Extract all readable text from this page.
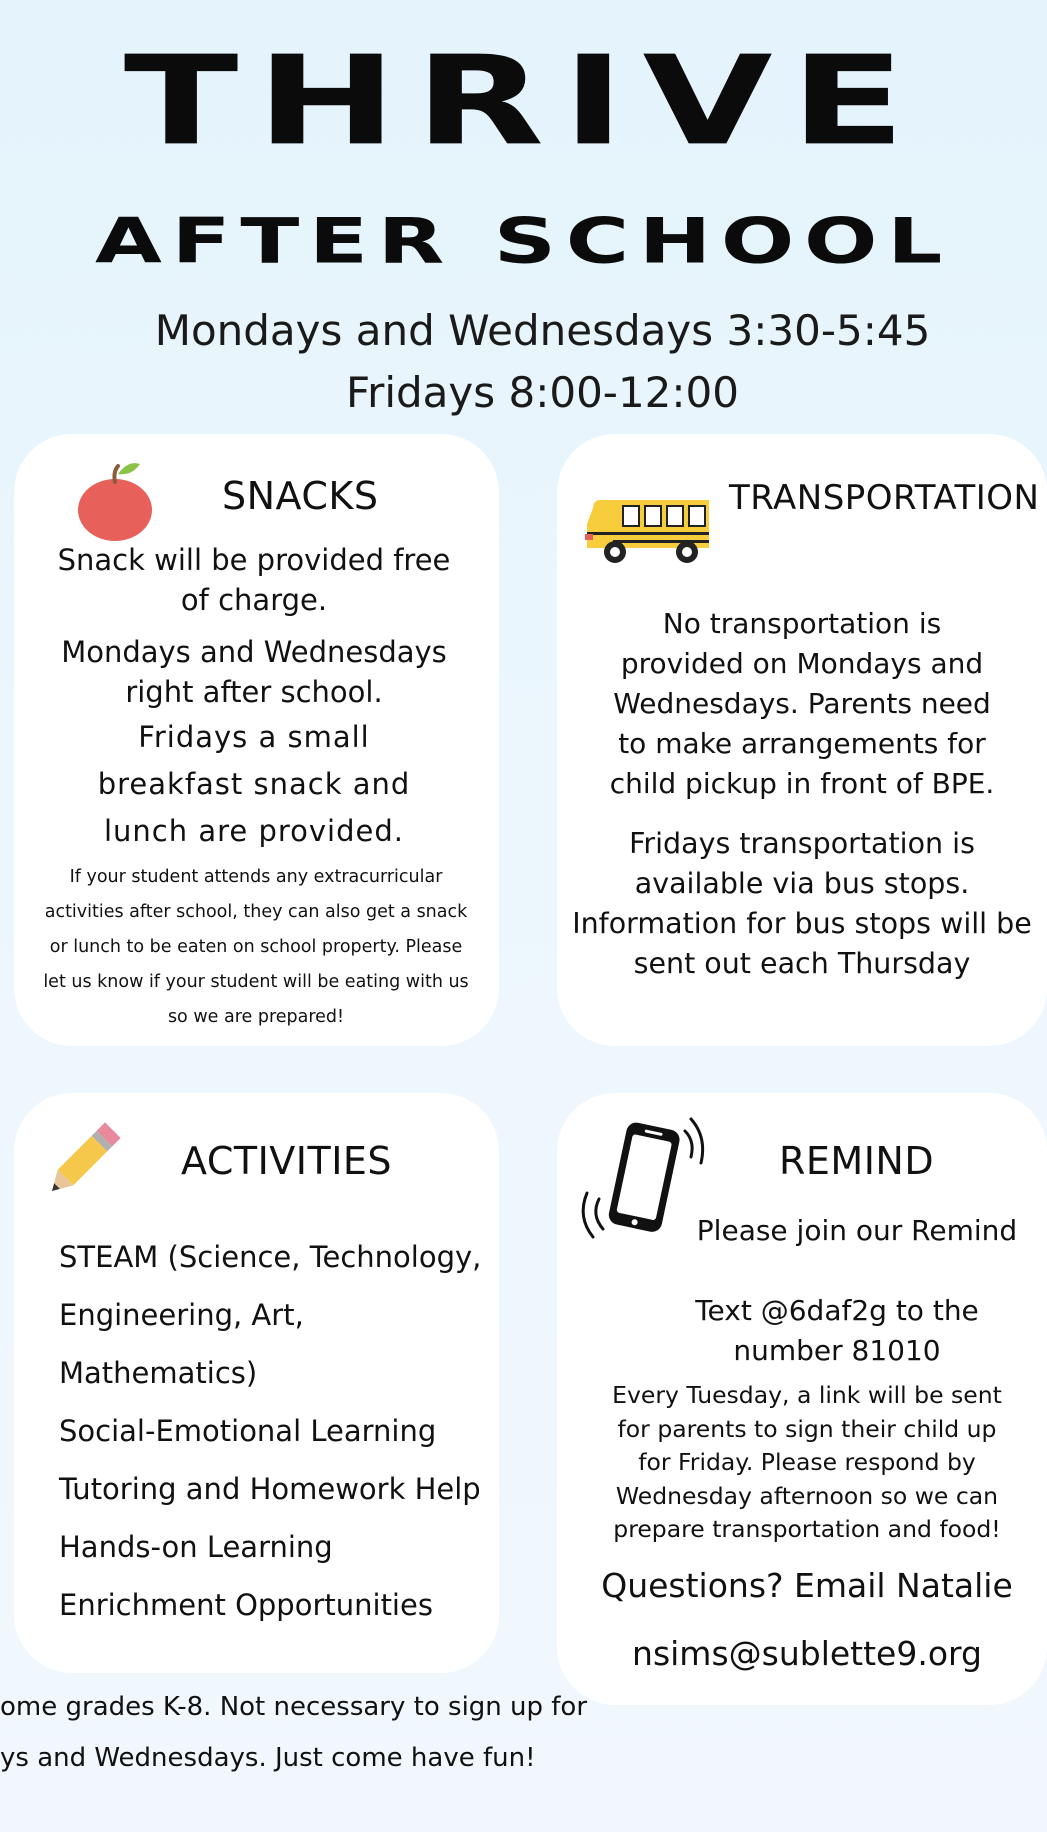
THRIVE
AFTER SCHOOL
Mondays and Wednesdays 3:30-5:45
Fridays 8:00-12:00
SNACKS
Snack will be provided free of charge.
Mondays and Wednesdays right after school.
Fridays a small breakfast snack and lunch are provided.
If your student attends any extracurricular activities after school, they can also get a snack or lunch to be eaten on school property. Please let us know if your student will be eating with us so we are prepared!
TRANSPORTATION
No transportation is provided on Mondays and Wednesdays. Parents need to make arrangements for child pickup in front of BPE.
Fridays transportation is available via bus stops. Information for bus stops will be sent out each Thursday
ACTIVITIES
STEAM (Science, Technology,
Engineering, Art,
Mathematics)
Social-Emotional Learning
Tutoring and Homework Help
Hands-on Learning
Enrichment Opportunities
REMIND
Please join our Remind
Text @6daf2g to the number 81010
Every Tuesday, a link will be sent for parents to sign their child up for Friday. Please respond by Wednesday afternoon so we can prepare transportation and food!
Questions? Email Natalie
nsims@sublette9.org
ome grades K-8. Not necessary to sign up for
ys and Wednesdays. Just come have fun!
